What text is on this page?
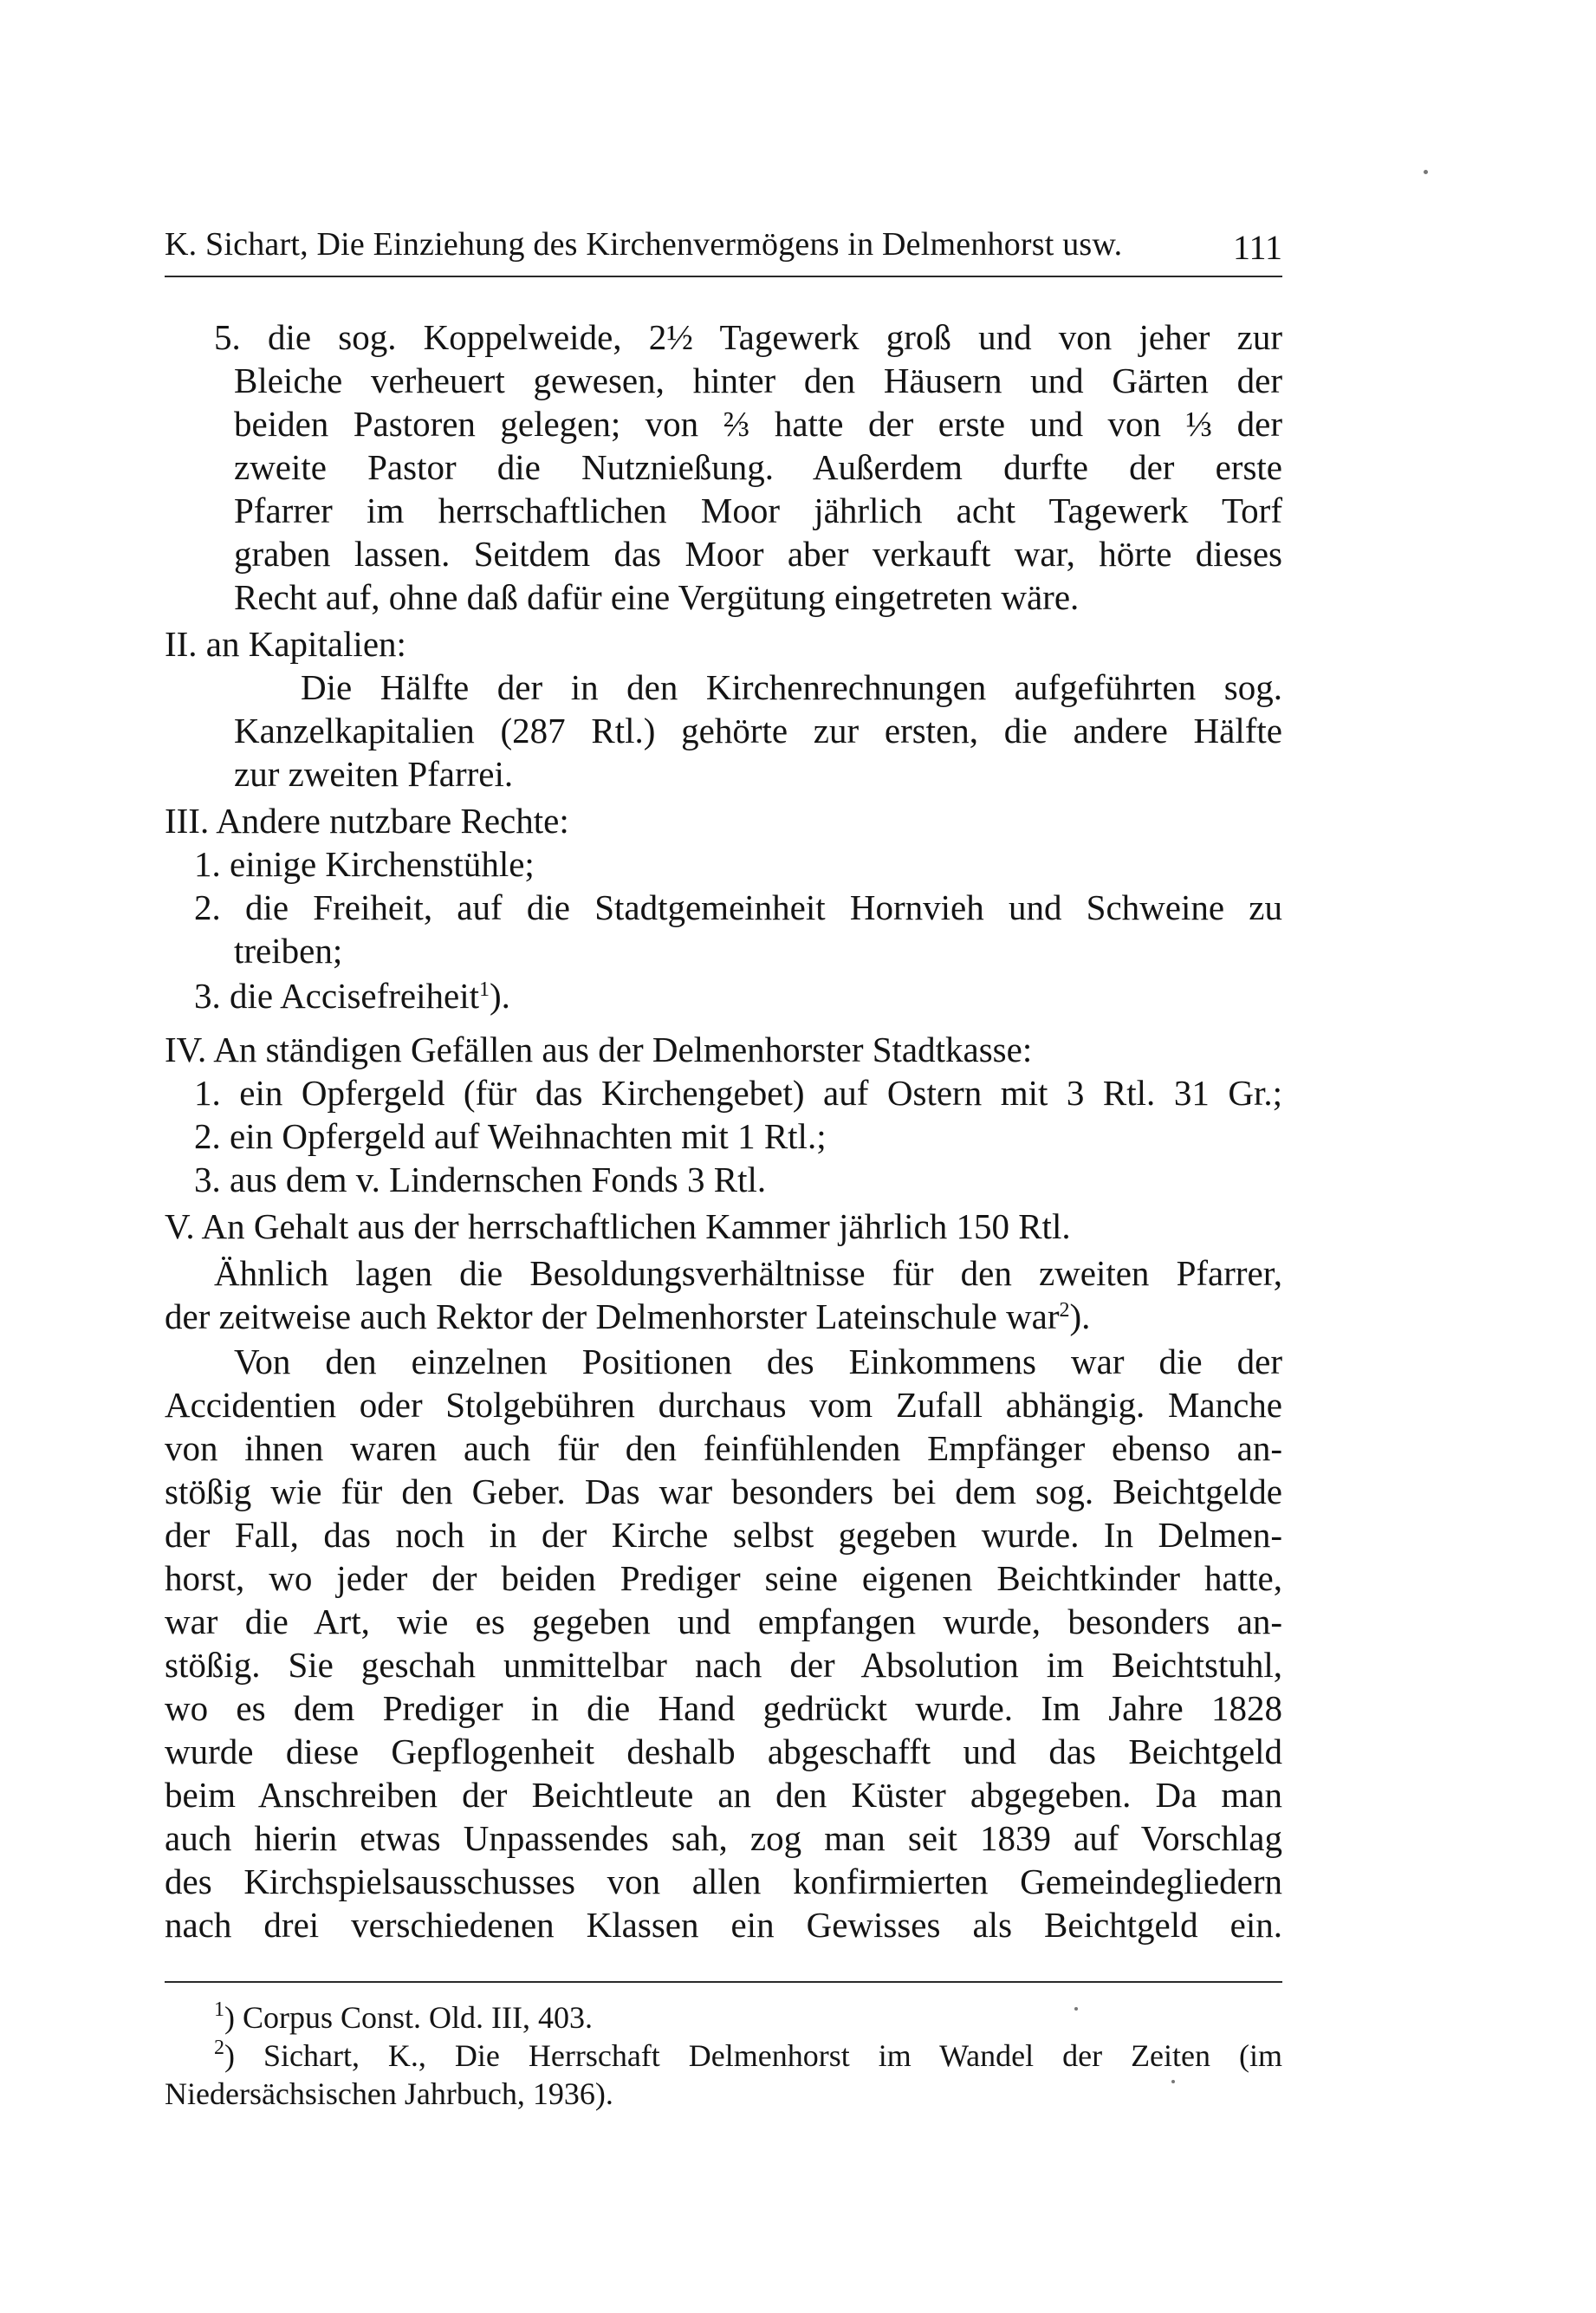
K. Sichart, Die Einziehung des Kirchenvermögens in Delmenhorst usw.	111
5. die sog. Koppelweide, 2½ Tagewerk groß und von jeher zur
Bleiche verheuert gewesen, hinter den Häusern und Gärten der
beiden Pastoren gelegen; von ⅔ hatte der erste und von ⅓ der
zweite Pastor die Nutznießung. Außerdem durfte der erste
Pfarrer im herrschaftlichen Moor jährlich acht Tagewerk Torf
graben lassen. Seitdem das Moor aber verkauft war, hörte dieses
Recht auf, ohne daß dafür eine Vergütung eingetreten wäre.
II. an Kapitalien:
Die Hälfte der in den Kirchenrechnungen aufgeführten sog.
Kanzelkapitalien (287 Rtl.) gehörte zur ersten, die andere Hälfte
zur zweiten Pfarrei.
III. Andere nutzbare Rechte:
1. einige Kirchenstühle;
2. die Freiheit, auf die Stadtgemeinheit Hornvieh und Schweine zu
treiben;
3. die Accisefreiheit$^1$).
IV. An ständigen Gefällen aus der Delmenhorster Stadtkasse:
1. ein Opfergeld (für das Kirchengebet) auf Ostern mit 3 Rtl. 31 Gr.;
2. ein Opfergeld auf Weihnachten mit 1 Rtl.;
3. aus dem v. Lindernschen Fonds 3 Rtl.
V. An Gehalt aus der herrschaftlichen Kammer jährlich 150 Rtl.
Ähnlich lagen die Besoldungsverhältnisse für den zweiten Pfarrer,
der zeitweise auch Rektor der Delmenhorster Lateinschule war$^2$).
Von den einzelnen Positionen des Einkommens war die der
Accidentien oder Stolgebühren durchaus vom Zufall abhängig. Manche
von ihnen waren auch für den feinfühlenden Empfänger ebenso an-
stößig wie für den Geber. Das war besonders bei dem sog. Beichtgelde
der Fall, das noch in der Kirche selbst gegeben wurde. In Delmen-
horst, wo jeder der beiden Prediger seine eigenen Beichtkinder hatte,
war die Art, wie es gegeben und empfangen wurde, besonders an-
stößig. Sie geschah unmittelbar nach der Absolution im Beichtstuhl,
wo es dem Prediger in die Hand gedrückt wurde. Im Jahre 1828
wurde diese Gepflogenheit deshalb abgeschafft und das Beichtgeld
beim Anschreiben der Beichtleute an den Küster abgegeben. Da man
auch hierin etwas Unpassendes sah, zog man seit 1839 auf Vorschlag
des Kirchspielsausschusses von allen konfirmierten Gemeindegliedern
nach drei verschiedenen Klassen ein Gewisses als Beichtgeld ein.
$^1$) Corpus Const. Old. III, 403.
$^2$) Sichart, K., Die Herrschaft Delmenhorst im Wandel der Zeiten (im
Niedersächsischen Jahrbuch, 1936).
